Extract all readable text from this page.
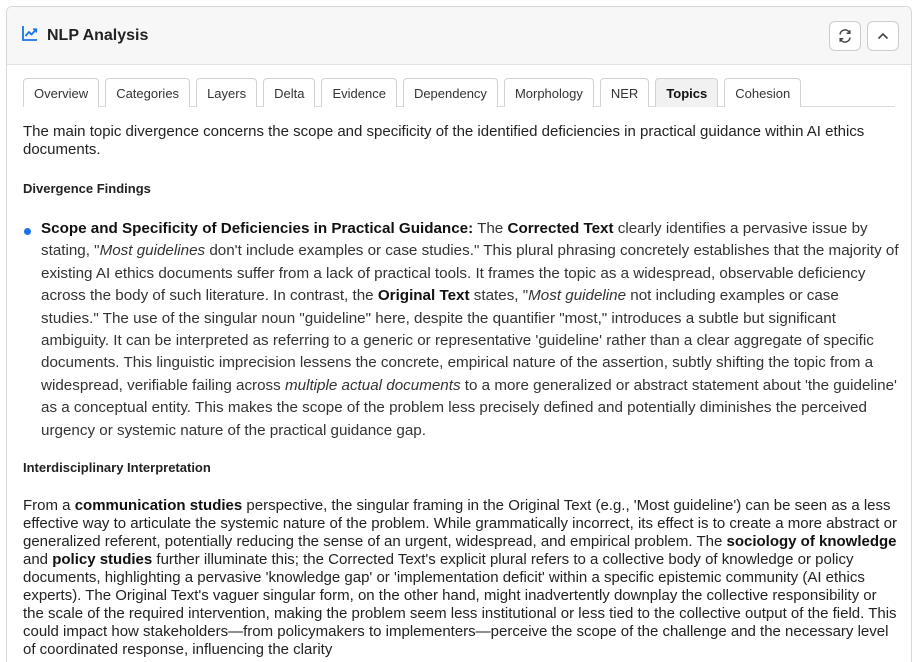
NLP Analysis
Overview	Categories	Layers	Delta	Evidence	Dependency	Morphology	NER	Topics	Cohesion

The main topic divergence concerns the scope and specificity of the identified deficiencies in practical guidance within AI ethics documents.

Divergence Findings
Scope and Specificity of Deficiencies in Practical Guidance: The Corrected Text clearly identifies a pervasive issue by stating, "Most guidelines don't include examples or case studies." This plural phrasing concretely establishes that the majority of existing AI ethics documents suffer from a lack of practical tools. It frames the topic as a widespread, observable deficiency across the body of such literature. In contrast, the Original Text states, "Most guideline not including examples or case studies." The use of the singular noun "guideline" here, despite the quantifier "most," introduces a subtle but significant ambiguity. It can be interpreted as referring to a generic or representative 'guideline' rather than a clear aggregate of specific documents. This linguistic imprecision lessens the concrete, empirical nature of the assertion, subtly shifting the topic from a widespread, verifiable failing across multiple actual documents to a more generalized or abstract statement about 'the guideline' as a conceptual entity. This makes the scope of the problem less precisely defined and potentially diminishes the perceived urgency or systemic nature of the practical guidance gap.
Interdisciplinary Interpretation

From a communication studies perspective, the singular framing in the Original Text (e.g., 'Most guideline') can be seen as a less effective way to articulate the systemic nature of the problem. While grammatically incorrect, its effect is to create a more abstract or generalized referent, potentially reducing the sense of an urgent, widespread, and empirical problem. The sociology of knowledge and policy studies further illuminate this; the Corrected Text's explicit plural refers to a collective body of knowledge or policy documents, highlighting a pervasive 'knowledge gap' or 'implementation deficit' within a specific epistemic community (AI ethics experts). The Original Text's vaguer singular form, on the other hand, might inadvertently downplay the collective responsibility or the scale of the required intervention, making the problem seem less institutional or less tied to the collective output of the field. This could impact how stakeholders—from policymakers to implementers—perceive the scope of the challenge and the necessary level of coordinated response, influencing the clarity
